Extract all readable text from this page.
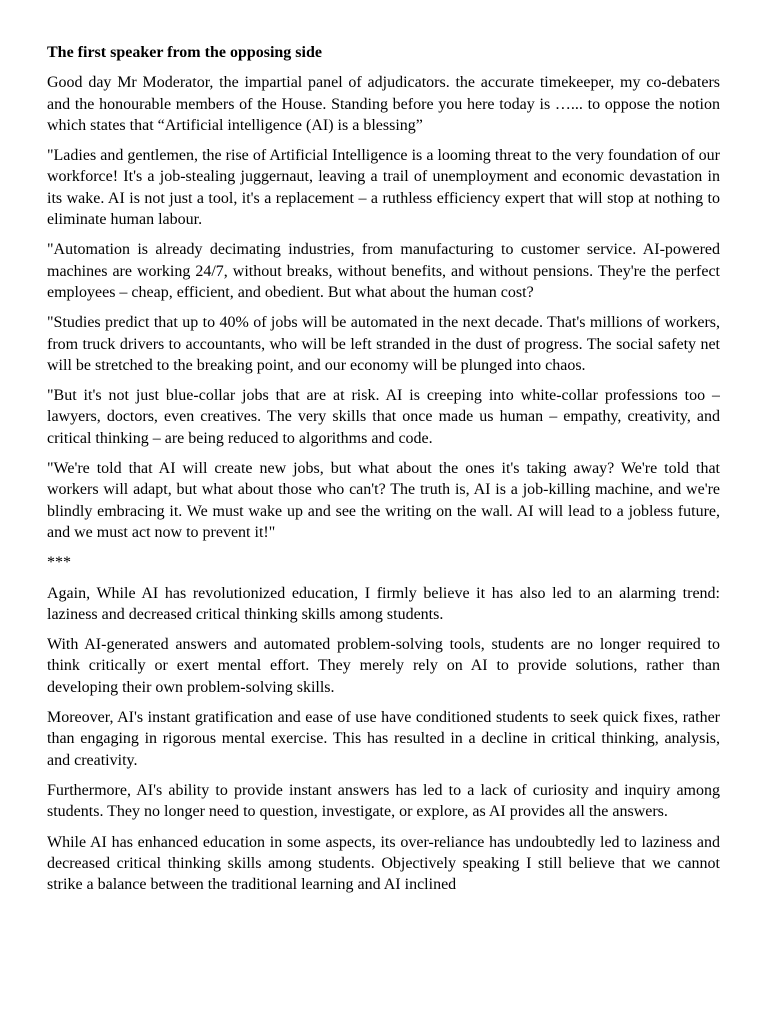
The first speaker from the opposing side

Good day Mr Moderator, the impartial panel of adjudicators. the accurate timekeeper, my co-debaters and the honourable members of the House. Standing before you here today is …... to oppose the notion which states that “Artificial intelligence (AI) is a blessing”

"Ladies and gentlemen, the rise of Artificial Intelligence is a looming threat to the very foundation of our workforce! It's a job-stealing juggernaut, leaving a trail of unemployment and economic devastation in its wake. AI is not just a tool, it's a replacement – a ruthless efficiency expert that will stop at nothing to eliminate human labour.

"Automation is already decimating industries, from manufacturing to customer service. AI-powered machines are working 24/7, without breaks, without benefits, and without pensions. They're the perfect employees – cheap, efficient, and obedient. But what about the human cost?

"Studies predict that up to 40% of jobs will be automated in the next decade. That's millions of workers, from truck drivers to accountants, who will be left stranded in the dust of progress. The social safety net will be stretched to the breaking point, and our economy will be plunged into chaos.

"But it's not just blue-collar jobs that are at risk. AI is creeping into white-collar professions too – lawyers, doctors, even creatives. The very skills that once made us human – empathy, creativity, and critical thinking – are being reduced to algorithms and code.

"We're told that AI will create new jobs, but what about the ones it's taking away? We're told that workers will adapt, but what about those who can't? The truth is, AI is a job-killing machine, and we're blindly embracing it. We must wake up and see the writing on the wall. AI will lead to a jobless future, and we must act now to prevent it!"

***

Again, While AI has revolutionized education, I firmly believe it has also led to an alarming trend: laziness and decreased critical thinking skills among students.

With AI-generated answers and automated problem-solving tools, students are no longer required to think critically or exert mental effort. They merely rely on AI to provide solutions, rather than developing their own problem-solving skills.

Moreover, AI's instant gratification and ease of use have conditioned students to seek quick fixes, rather than engaging in rigorous mental exercise. This has resulted in a decline in critical thinking, analysis, and creativity.

Furthermore, AI's ability to provide instant answers has led to a lack of curiosity and inquiry among students. They no longer need to question, investigate, or explore, as AI provides all the answers.

While AI has enhanced education in some aspects, its over-reliance has undoubtedly led to laziness and decreased critical thinking skills among students. Objectively speaking I still believe that we cannot strike a balance between the traditional learning and AI inclined
